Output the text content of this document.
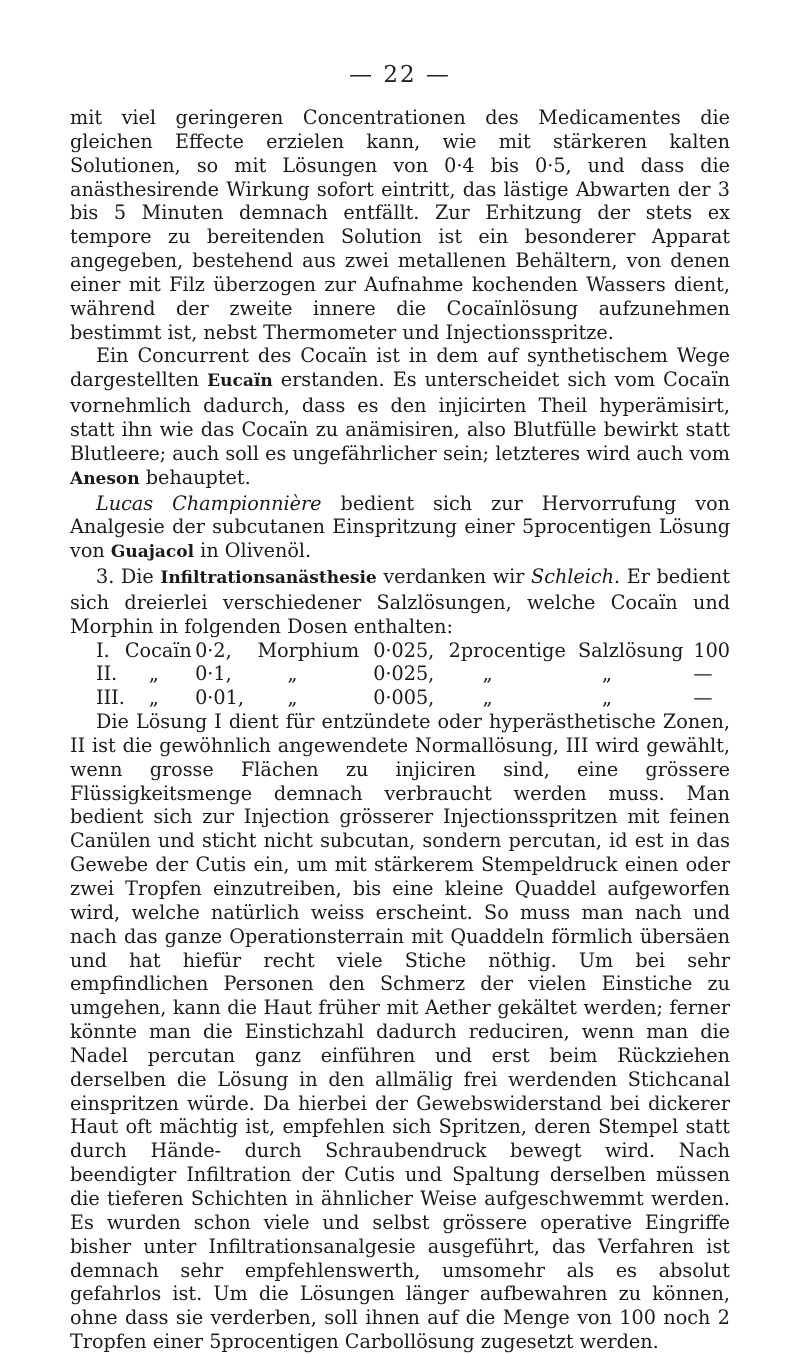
— 22 —

mit viel geringeren Concentrationen des Medicamentes die gleichen Effecte erzielen kann, wie mit stärkeren kalten Solutionen, so mit Lösungen von 0·4 bis 0·5, und dass die anästhesirende Wirkung sofort eintritt, das lästige Abwarten der 3 bis 5 Minuten demnach entfällt. Zur Erhitzung der stets ex tempore zu bereitenden Solution ist ein besonderer Apparat angegeben, bestehend aus zwei metallenen Behältern, von denen einer mit Filz überzogen zur Aufnahme kochenden Wassers dient, während der zweite innere die Cocaïnlösung aufzunehmen bestimmt ist, nebst Thermometer und Injectionsspritze.

Ein Concurrent des Cocaïn ist in dem auf synthetischem Wege dargestellten Eucaïn erstanden. Es unterscheidet sich vom Cocaïn vornehmlich dadurch, dass es den injicirten Theil hyperämisirt, statt ihn wie das Cocaïn zu anämisiren, also Blutfülle bewirkt statt Blutleere; auch soll es ungefährlicher sein; letzteres wird auch vom Aneson behauptet.

Lucas Championnière bedient sich zur Hervorrufung von Analgesie der subcutanen Einspritzung einer 5procentigen Lösung von Guajacol in Olivenöl.

3. Die Infiltrationsanästhesie verdanken wir Schleich. Er bedient sich dreierlei verschiedener Salzlösungen, welche Cocaïn und Morphin in folgenden Dosen enthalten:

I.	Cocaïn	0·2,	Morphium	0·025,	2procentige	Salzlösung	100
II.	„	0·1,	„	0·025,	„	„	—
III.	„	0·01,	„	0·005,	„	„	—

Die Lösung I dient für entzündete oder hyperästhetische Zonen, II ist die gewöhnlich angewendete Normallösung, III wird gewählt, wenn grosse Flächen zu injiciren sind, eine grössere Flüssigkeitsmenge demnach verbraucht werden muss. Man bedient sich zur Injection grösserer Injectionsspritzen mit feinen Canülen und sticht nicht subcutan, sondern percutan, id est in das Gewebe der Cutis ein, um mit stärkerem Stempeldruck einen oder zwei Tropfen einzutreiben, bis eine kleine Quaddel aufgeworfen wird, welche natürlich weiss erscheint. So muss man nach und nach das ganze Operationsterrain mit Quaddeln förmlich übersäen und hat hiefür recht viele Stiche nöthig. Um bei sehr empfindlichen Personen den Schmerz der vielen Einstiche zu umgehen, kann die Haut früher mit Aether gekältet werden; ferner könnte man die Einstichzahl dadurch reduciren, wenn man die Nadel percutan ganz einführen und erst beim Rückziehen derselben die Lösung in den allmälig frei werdenden Stichcanal einspritzen würde. Da hierbei der Gewebswiderstand bei dickerer Haut oft mächtig ist, empfehlen sich Spritzen, deren Stempel statt durch Hände- durch Schraubendruck bewegt wird. Nach beendigter Infiltration der Cutis und Spaltung derselben müssen die tieferen Schichten in ähnlicher Weise aufgeschwemmt werden. Es wurden schon viele und selbst grössere operative Eingriffe bisher unter Infiltrationsanalgesie ausgeführt, das Verfahren ist demnach sehr empfehlenswerth, umsomehr als es absolut gefahrlos ist. Um die Lösungen länger aufbewahren zu können, ohne dass sie verderben, soll ihnen auf die Menge von 100 noch 2 Tropfen einer 5procentigen Carbollösung zugesetzt werden.
